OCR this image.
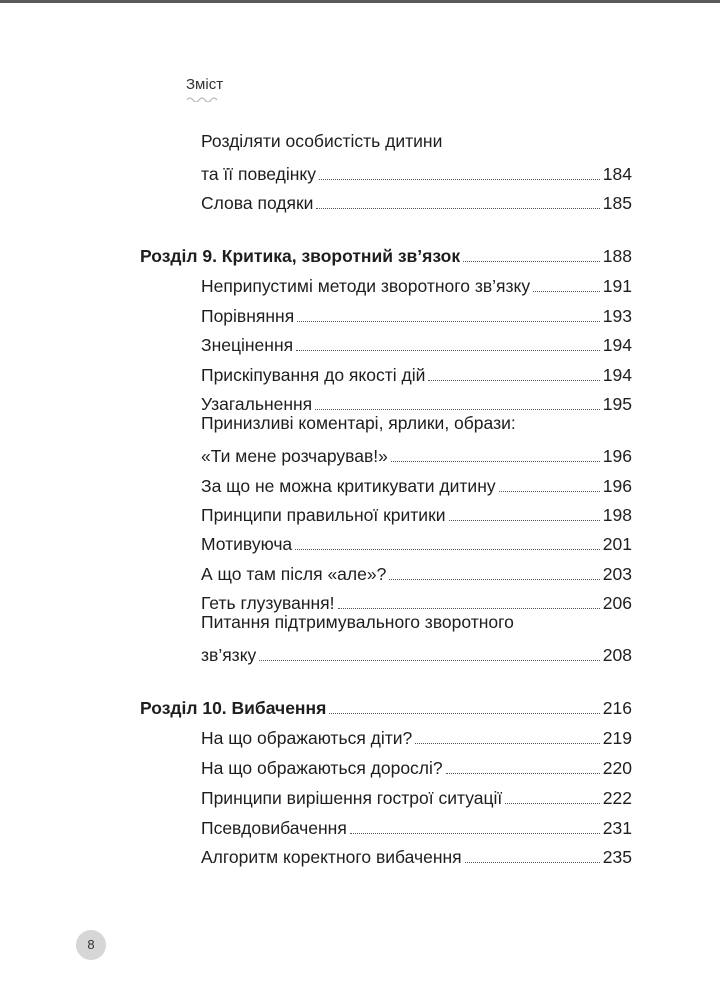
Зміст
Розділяти особистість дитини
та її поведінку	184
Слова подяки	185
Розділ 9. Критика, зворотний зв’язок	188
Неприпустимі методи зворотного зв’язку	191
Порівняння	193
Знецінення	194
Прискіпування до якості дій	194
Узагальнення	195
Принизливі коментарі, ярлики, образи:
«Ти мене розчарував!»	196
За що не можна критикувати дитину	196
Принципи правильної критики	198
Мотивуюча	201
А що там після «але»?	203
Геть глузування!	206
Питання підтримувального зворотного
зв’язку	208
Розділ 10. Вибачення	216
На що ображаються діти?	219
На що ображаються дорослі?	220
Принципи вирішення гострої ситуації	222
Псевдовибачення	231
Алгоритм коректного вибачення	235
8
